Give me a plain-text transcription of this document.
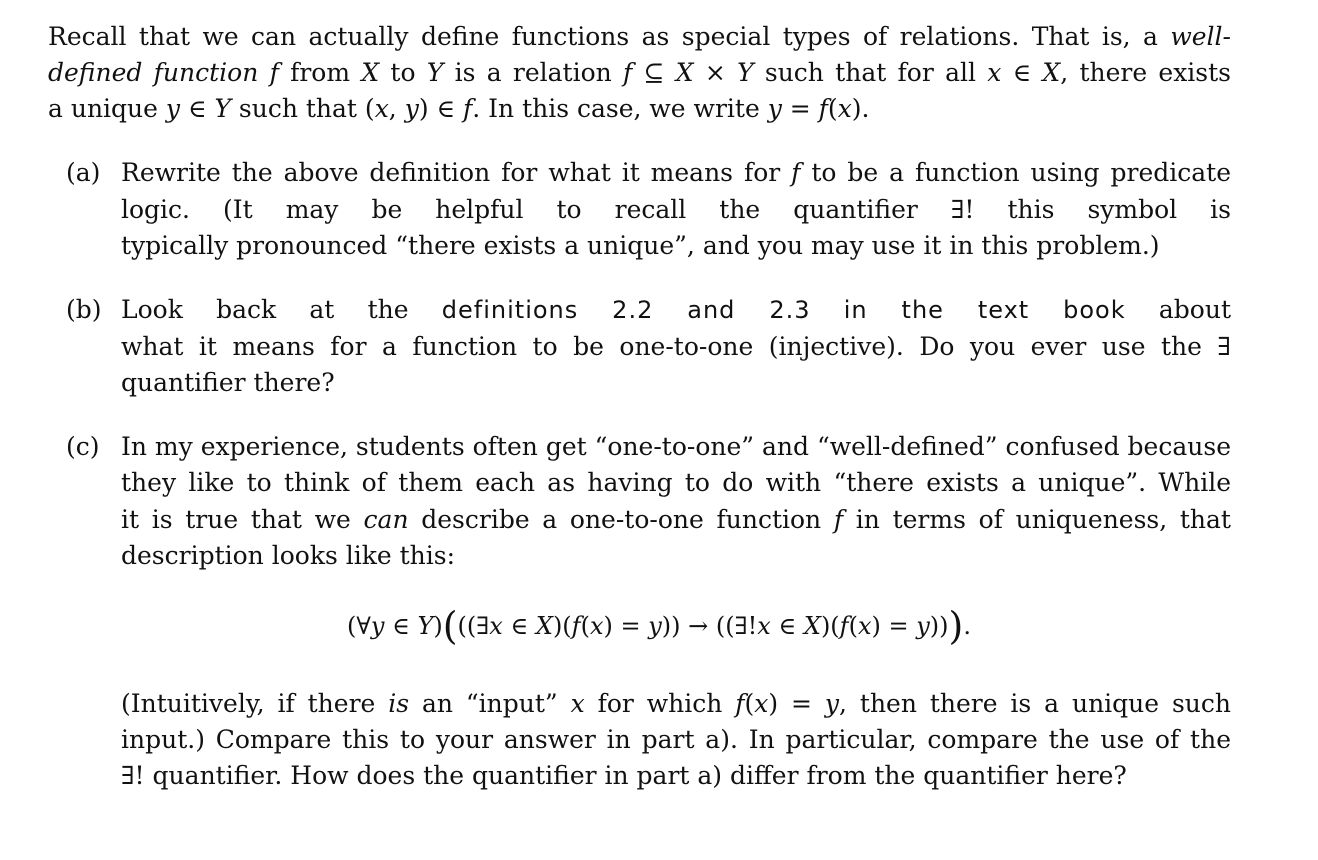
Recall that we can actually define functions as special types of relations. That is, a well-
defined function f from X to Y is a relation f ⊆ X × Y such that for all x ∈ X, there exists
a unique y ∈ Y such that (x, y) ∈ f. In this case, we write y = f(x).
(a) Rewrite the above definition for what it means for f to be a function using predicate
logic. (It may be helpful to recall the quantifier ∃! this symbol is
typically pronounced “there exists a unique”, and you may use it in this problem.)
(b) Look back at the definitions 2.2 and 2.3 in the text book about
what it means for a function to be one-to-one (injective). Do you ever use the ∃
quantifier there?
(c) In my experience, students often get “one-to-one” and “well-defined” confused because
they like to think of them each as having to do with “there exists a unique”. While
it is true that we can describe a one-to-one function f in terms of uniqueness, that
description looks like this:
(∀y ∈ Y)(((∃x ∈ X)(f(x) = y)) → ((∃!x ∈ X)(f(x) = y))).
(Intuitively, if there is an “input” x for which f(x) = y, then there is a unique such
input.) Compare this to your answer in part a). In particular, compare the use of the
∃! quantifier. How does the quantifier in part a) differ from the quantifier here?
